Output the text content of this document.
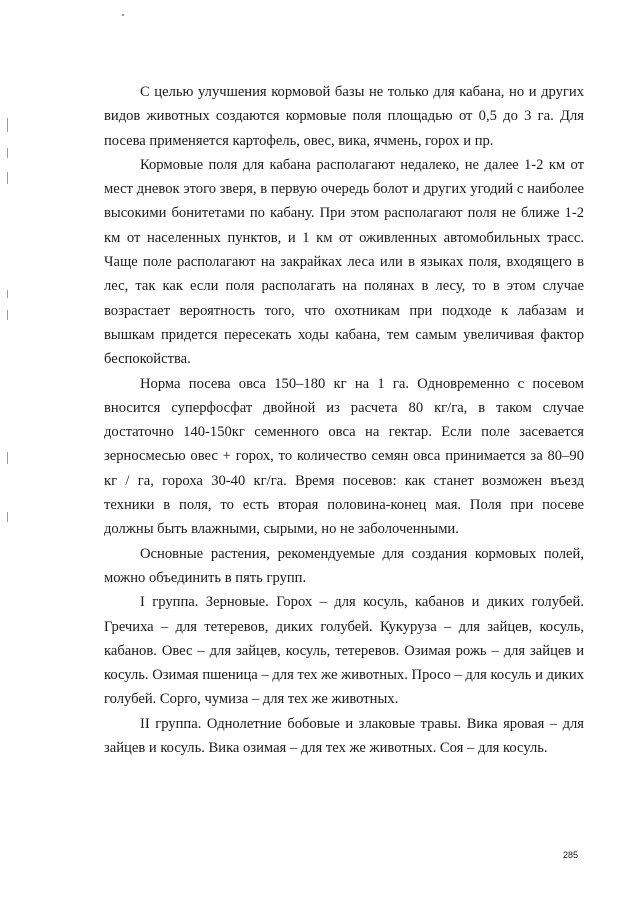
С целью улучшения кормовой базы не только для кабана, но и других видов животных создаются кормовые поля площадью от 0,5 до 3 га. Для посева применяется картофель, овес, вика, ячмень, горох и пр.

Кормовые поля для кабана располагают недалеко, не далее 1-2 км от мест дневок этого зверя, в первую очередь болот и других угодий с наиболее высокими бонитетами по кабану. При этом располагают поля не ближе 1-2 км от населенных пунктов, и 1 км от оживленных автомобильных трасс. Чаще поле располагают на закрайках леса или в языках поля, входящего в лес, так как если поля располагать на полянах в лесу, то в этом случае возрастает вероятность того, что охотникам при подходе к лабазам и вышкам придется пересекать ходы кабана, тем самым увеличивая фактор беспокойства.

Норма посева овса 150–180 кг на 1 га. Одновременно с посевом вносится суперфосфат двойной из расчета 80 кг/га, в таком случае достаточно 140-150кг семенного овса на гектар. Если поле засевается зерносмесью овес + горох, то количество семян овса принимается за 80–90 кг / га, гороха 30-40 кг/га. Время посевов: как станет возможен въезд техники в поля, то есть вторая половина-конец мая. Поля при посеве должны быть влажными, сырыми, но не заболоченными.

Основные растения, рекомендуемые для создания кормовых полей, можно объединить в пять групп.

I группа. Зерновые. Горох – для косуль, кабанов и диких голубей. Гречиха – для тетеревов, диких голубей. Кукуруза – для зайцев, косуль, кабанов. Овес – для зайцев, косуль, тетеревов. Озимая рожь – для зайцев и косуль. Озимая пшеница – для тех же животных. Просо – для косуль и диких голубей. Сорго, чумиза – для тех же животных.

II группа. Однолетние бобовые и злаковые травы. Вика яровая – для зайцев и косуль. Вика озимая – для тех же животных. Соя – для косуль.

285
